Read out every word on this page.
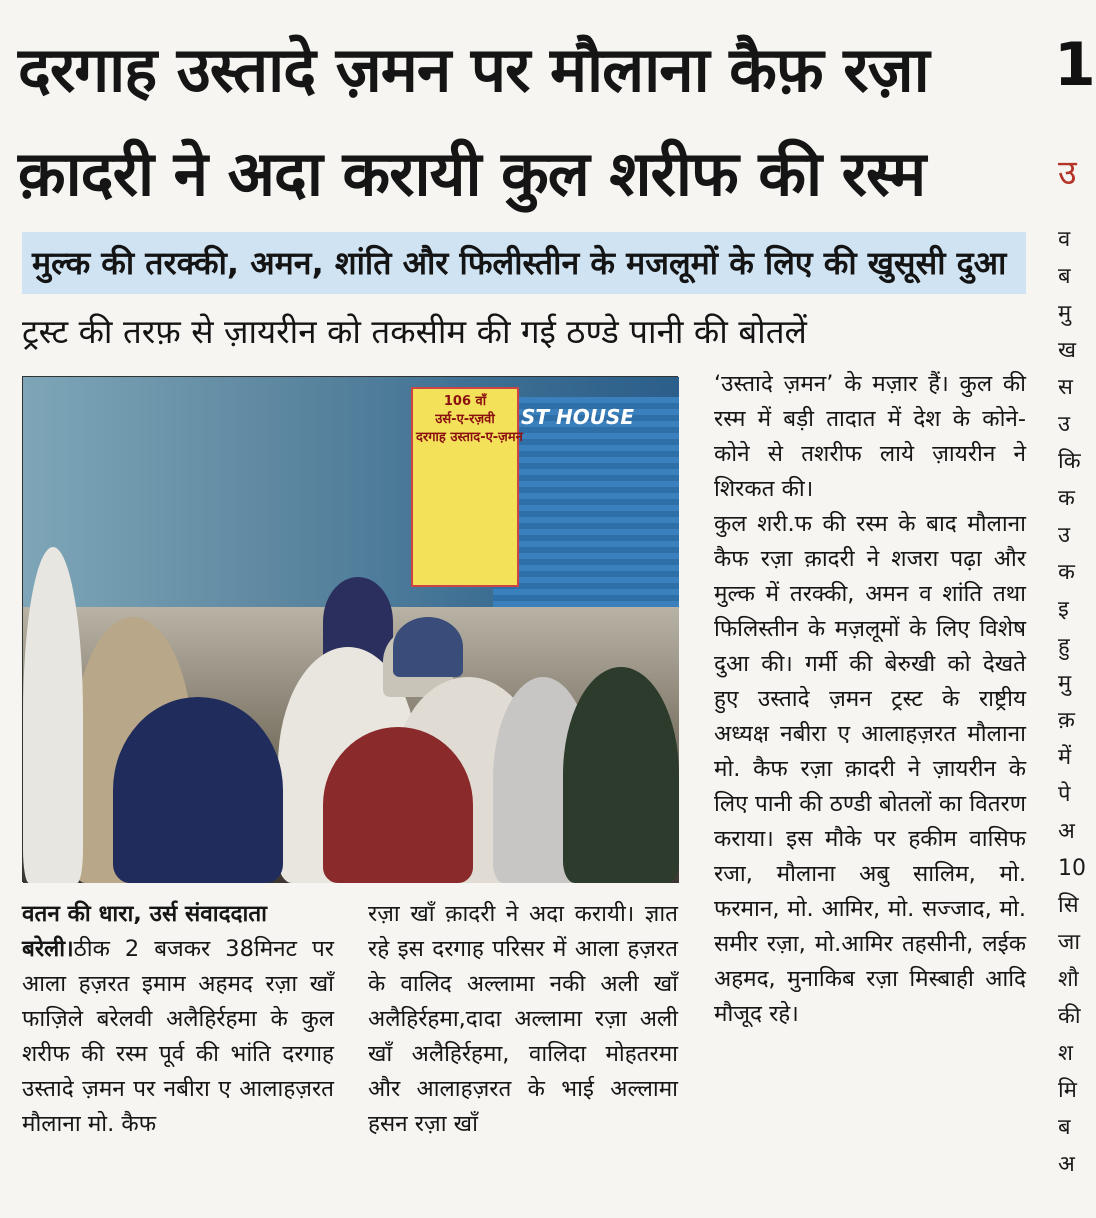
दरगाह उस्तादे ज़मन पर मौलाना कैफ़ रज़ा
क़ादरी ने अदा करायी कुल शरीफ की रस्म
मुल्क की तरक्की, अमन, शांति और फिलीस्तीन के मजलूमों के लिए की खुसूसी दुआ
ट्रस्ट की तरफ़ से ज़ायरीन को तकसीम की गई ठण्डे पानी की बोतलें
106 वाँ
उर्स-ए-रज़वी
दरगाह उस्ताद-ए-ज़मन
ST HOUSE

वतन की धारा, उर्स संवाददाता

बरेली।ठीक 2 बजकर 38मिनट पर आला हज़रत इमाम अहमद रज़ा खाँ फाज़िले बरेलवी अलैहिर्रहमा के कुल शरीफ की रस्म पूर्व की भांति दरगाह उस्तादे ज़मन पर नबीरा ए आलाहज़रत मौलाना मो. कैफ

रज़ा खाँ क़ादरी ने अदा करायी। ज्ञात रहे इस दरगाह परिसर में आला हज़रत के वालिद अल्लामा नकी अली खाँ अलैहिर्रहमा,दादा अल्लामा रज़ा अली खाँ अलैहिर्रहमा, वालिदा मोहतरमा और आलाहज़रत के भाई अल्लामा हसन रज़ा खाँ

‘उस्तादे ज़मन’ के मज़ार हैं। कुल की रस्म में बड़ी तादात में देश के कोने-कोने से तशरीफ लाये ज़ायरीन ने शिरकत की।

कुल शरी.फ की रस्म के बाद मौलाना कैफ रज़ा क़ादरी ने शजरा पढ़ा और मुल्क में तरक्की, अमन व शांति तथा फिलिस्तीन के मज़लूमों के लिए विशेष दुआ की। गर्मी की बेरुखी को देखते हुए उस्तादे ज़मन ट्रस्ट के राष्ट्रीय अध्यक्ष नबीरा ए आलाहज़रत मौलाना मो. कैफ रज़ा क़ादरी ने ज़ायरीन के लिए पानी की ठण्डी बोतलों का वितरण कराया। इस मौके पर हकीम वासिफ रजा, मौलाना अबु सालिम, मो. फरमान, मो. आमिर, मो. सज्जाद, मो. समीर रज़ा, मो.आमिर तहसीनी, लईक अहमद, मुनाकिब रज़ा मिस्बाही आदि मौजूद रहे।

1
उ
व
ब
मु
ख
स
उ
कि
क
उ
क
इ
हु
मु
क़
में
पे
अ
10
सि
जा
शौ
की
श
मि
ब
अ
